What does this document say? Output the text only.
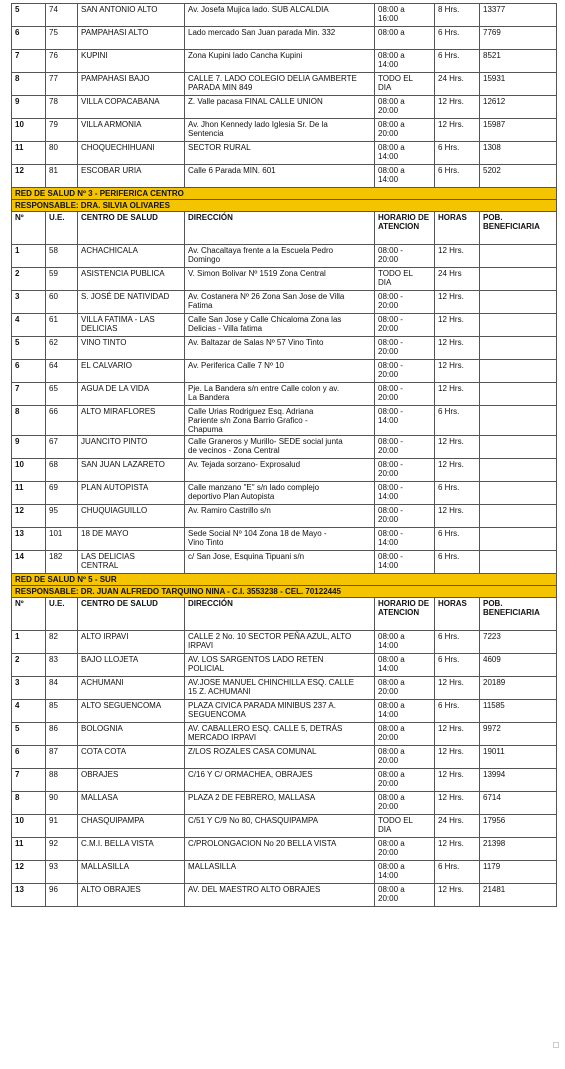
5	74	SAN ANTONIO ALTO	Av. Josefa Mujica lado. SUB ALCALDIA	08:00 a
16:00	8 Hrs.	13377
6	75	PAMPAHASI ALTO	Lado mercado San Juan parada Min. 332	08:00 a	6 Hrs.	7769
7	76	KUPINI	Zona Kupini lado Cancha Kupini	08:00 a
14:00	6 Hrs.	8521
8	77	PAMPAHASI BAJO	CALLE 7. LADO COLEGIO DELIA GAMBERTE
PARADA MIN 849	TODO EL
DIA	24 Hrs.	15931
9	78	VILLA COPACABANA	Z. Valle pacasa FINAL CALLE UNION	08:00 a
20:00	12 Hrs.	12612
10	79	VILLA ARMONIA	Av. Jhon Kennedy lado Iglesia Sr. De la
Sentencia	08:00 a
20:00	12 Hrs.	15987
11	80	CHOQUECHIHUANI	SECTOR RURAL	08:00 a
14:00	6 Hrs.	1308
12	81	ESCOBAR URIA	Calle 6 Parada MIN. 601	08:00 a
14:00	6 Hrs.	5202
RED DE SALUD Nº 3 - PERIFERICA CENTRO						
RESPONSABLE: DRA. SILVIA OLIVARES						
Nº	U.E.	CENTRO DE SALUD	DIRECCIÓN	HORARIO DE ATENCION	HORAS	POB. BENEFICIARIA
1	58	ACHACHICALA	Av. Chacaltaya frente a la Escuela Pedro
Domingo	08:00 -
20:00	12 Hrs.	
2	59	ASISTENCIA PUBLICA	V. Simon Bolivar Nº 1519 Zona Central	TODO EL
DIA	24 Hrs	
3	60	S. JOSÉ DE NATIVIDAD	Av. Costanera Nº 26 Zona San Jose de Villa
Fatima	08:00 -
20:00	12 Hrs.	
4	61	VILLA FATIMA - LAS
DELICIAS	Calle San Jose y Calle Chicaloma Zona las
Delicias - Villa fatima	08:00 -
20:00	12 Hrs.	
5	62	VINO TINTO	Av. Baltazar de Salas Nº 57 Vino Tinto	08:00 -
20:00	12 Hrs.	
6	64	EL CALVARIO	Av. Periferica Calle 7 Nº 10	08:00 -
20:00	12 Hrs.	
7	65	AGUA DE LA VIDA	Pje. La Bandera s/n entre Calle colon y av.
La Bandera	08:00 -
20:00	12 Hrs.	
8	66	ALTO MIRAFLORES	Calle Urias Rodriguez Esq. Adriana
Pariente s/n Zona Barrio Grafico -
Chapuma	08:00 -
14:00	6 Hrs.	
9	67	JUANCITO PINTO	Calle Graneros y Murillo- SEDE social junta
de vecinos - Zona Central	08:00 -
20:00	12 Hrs.	
10	68	SAN JUAN LAZARETO	Av. Tejada sorzano- Exprosalud	08:00 -
20:00	12 Hrs.	
11	69	PLAN AUTOPISTA	Calle manzano "E" s/n lado complejo
deportivo Plan Autopista	08:00 -
14:00	6 Hrs.	
12	95	CHUQUIAGUILLO	Av. Ramiro Castrillo s/n	08:00 -
20:00	12 Hrs.	
13	101	18 DE MAYO	Sede Social Nº 104 Zona 18 de Mayo -
Vino Tinto	08:00 -
14:00	6 Hrs.	
14	182	LAS DELICIAS
CENTRAL	c/ San Jose, Esquina Tipuani s/n	08:00 -
14:00	6 Hrs.	
RED DE SALUD Nº 5 - SUR						
RESPONSABLE: DR. JUAN ALFREDO TARQUINO NINA - C.I. 3553238 - CEL. 70122445						
Nº	U.E.	CENTRO DE SALUD	DIRECCIÓN	HORARIO DE ATENCION	HORAS	POB. BENEFICIARIA
1	82	ALTO IRPAVI	CALLE 2 No. 10 SECTOR PEÑA AZUL, ALTO
IRPAVI	08:00 a
14:00	6 Hrs.	7223
2	83	BAJO LLOJETA	AV. LOS SARGENTOS LADO RETEN
POLICIAL	08:00 a
14:00	6 Hrs.	4609
3	84	ACHUMANI	AV.JOSE MANUEL CHINCHILLA ESQ. CALLE
15 Z. ACHUMANI	08:00 a
20:00	12 Hrs.	20189
4	85	ALTO SEGUENCOMA	PLAZA CIVICA PARADA MINIBUS 237 A.
SEGUENCOMA	08:00 a
14:00	6 Hrs.	11585
5	86	BOLOGNIA	AV. CABALLERO ESQ. CALLE 5, DETRÁS
MERCADO IRPAVI	08:00 a
20:00	12 Hrs.	9972
6	87	COTA COTA	Z/LOS ROZALES CASA COMUNAL	08:00 a
20:00	12 Hrs.	19011
7	88	OBRAJES	C/16 Y C/ ORMACHEA, OBRAJES	08:00 a
20:00	12 Hrs.	13994
8	90	MALLASA	PLAZA 2 DE FEBRERO, MALLASA	08:00 a
20:00	12 Hrs.	6714
10	91	CHASQUIPAMPA	C/51 Y C/9 No 80, CHASQUIPAMPA	TODO EL
DIA	24 Hrs.	17956
11	92	C.M.I. BELLA VISTA	C/PROLONGACION No 20 BELLA VISTA	08:00 a
20:00	12 Hrs.	21398
12	93	MALLASILLA	MALLASILLA	08:00 a
14:00	6 Hrs.	1179
13	96	ALTO OBRAJES	AV. DEL MAESTRO ALTO OBRAJES	08:00 a
20:00	12 Hrs.	21481
